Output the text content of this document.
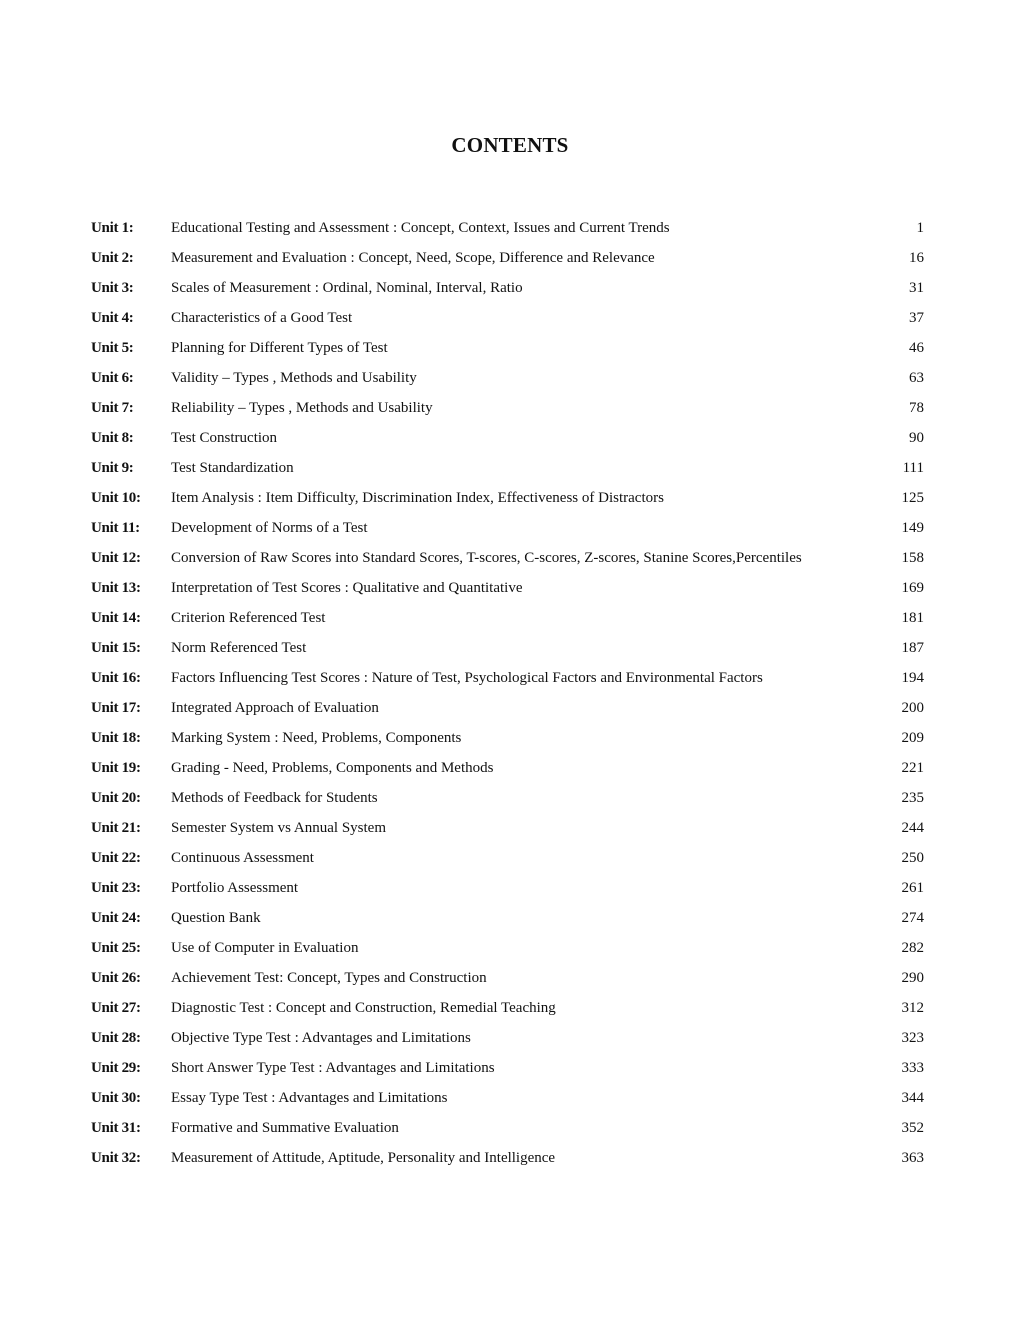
CONTENTS
Unit 1:	Educational Testing and Assessment : Concept, Context, Issues and Current Trends	1
Unit 2:	Measurement and Evaluation : Concept, Need, Scope, Difference and Relevance	16
Unit 3:	Scales of Measurement : Ordinal, Nominal, Interval, Ratio	31
Unit 4:	Characteristics of a Good Test	37
Unit 5:	Planning for Different Types of Test	46
Unit 6:	Validity – Types , Methods and Usability	63
Unit 7:	Reliability – Types , Methods and Usability	78
Unit 8:	Test Construction	90
Unit 9:	Test Standardization	111
Unit 10: Item Analysis : Item Difficulty, Discrimination Index, Effectiveness of Distractors	125
Unit 11: Development of Norms of a Test	149
Unit 12: Conversion of Raw Scores into Standard Scores, T-scores, C-scores, Z-scores, Stanine Scores,Percentiles	158
Unit 13: Interpretation of Test Scores : Qualitative and Quantitative	169
Unit 14: Criterion Referenced Test	181
Unit 15: Norm Referenced Test	187
Unit 16: Factors Influencing Test Scores : Nature of Test, Psychological Factors and Environmental Factors	194
Unit 17: Integrated Approach of Evaluation	200
Unit 18: Marking System : Need, Problems, Components	209
Unit 19: Grading - Need, Problems, Components and Methods	221
Unit 20: Methods of Feedback for Students	235
Unit 21: Semester System vs Annual System	244
Unit 22: Continuous Assessment	250
Unit 23: Portfolio Assessment	261
Unit 24: Question Bank	274
Unit 25: Use of Computer in Evaluation	282
Unit 26: Achievement Test: Concept, Types and Construction	290
Unit 27: Diagnostic Test : Concept and Construction, Remedial Teaching	312
Unit 28: Objective Type Test : Advantages and Limitations	323
Unit 29: Short Answer Type Test : Advantages and Limitations	333
Unit 30: Essay Type Test : Advantages and Limitations	344
Unit 31: Formative and Summative Evaluation	352
Unit 32: Measurement of Attitude, Aptitude, Personality and Intelligence	363
